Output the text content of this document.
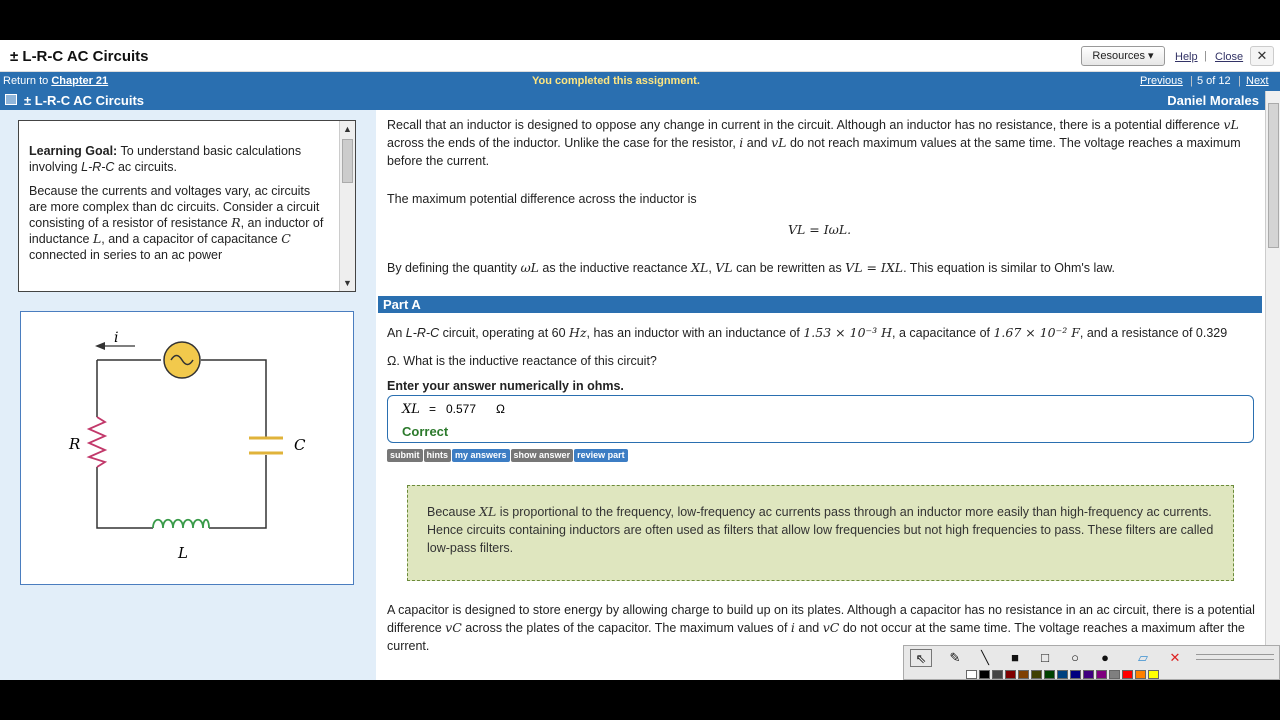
± L-R-C AC Circuits	Resources ▾	Help | Close	✕
Return to Chapter 21	You completed this assignment.	Previous | 5 of 12 | Next
± L-R-C AC Circuits

Learning Goal: To understand basic calculations involving L-R-C ac circuits.

Because the currents and voltages vary, ac circuits are more complex than dc circuits. Consider a circuit consisting of a resistor of resistance R, an inductor of inductance L, and a capacitor of capacitance C connected in series to an ac power

▲
▼
i
R	C
L
Daniel Morales
Recall that an inductor is designed to oppose any change in current in the circuit. Although an inductor has no resistance, there is a potential difference vL across the ends of the inductor. Unlike the case for the resistor, i and vL do not reach maximum values at the same time. The voltage reaches a maximum before the current.
The maximum potential difference across the inductor is
VL = IωL.
By defining the quantity ωL as the inductive reactance XL, VL can be rewritten as VL = IXL. This equation is similar to Ohm's law.
Part A
An L-R-C circuit, operating at 60 Hz, has an inductor with an inductance of 1.53 × 10⁻³ H, a capacitance of 1.67 × 10⁻² F, and a resistance of 0.329
Ω. What is the inductive reactance of this circuit?
Enter your answer numerically in ohms.
XL = 0.577 Ω
Correct
submit hints my answers show answer review part
Because XL is proportional to the frequency, low-frequency ac currents pass through an inductor more easily than high-frequency ac currents. Hence circuits containing inductors are often used as filters that allow low frequencies but not high frequencies to pass. These filters are called low-pass filters.
A capacitor is designed to store energy by allowing charge to build up on its plates. Although a capacitor has no resistance in an ac circuit, there is a potential difference vC across the plates of the capacitor. The maximum values of i and vC do not occur at the same time. The voltage reaches a maximum after the current.
⇖	✎	╲	■	□	○	●	▱	✕
